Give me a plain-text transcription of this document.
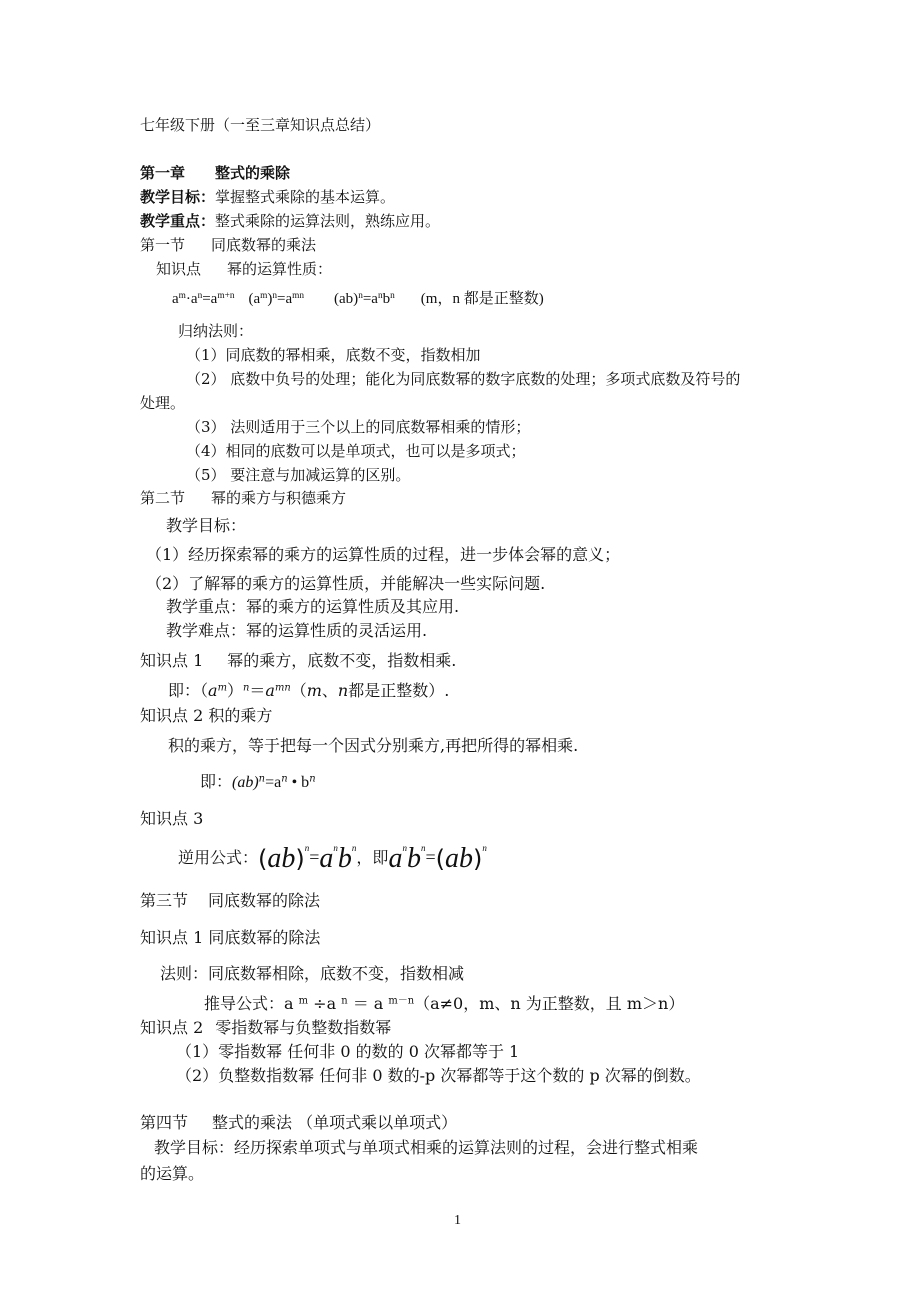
七年级下册（一至三章知识点总结）
第一章 整式的乘除
教学目标：掌握整式乘除的基本运算。
教学重点：整式乘除的运算法则，熟练应用。
第一节 同底数幂的乘法
知识点 幂的运算性质：
$a^m\cdot a^n=a^{m+n}$ $(a^m)^n=a^{mn}$ $(ab)^n=a^nb^n$ (m，n 都是正整数)
归纳法则：
（1）同底数的幂相乘，底数不变，指数相加
（2） 底数中负号的处理；能化为同底数幂的数字底数的处理；多项式底数及符号的
处理。
（3） 法则适用于三个以上的同底数幂相乘的情形；
（4）相同的底数可以是单项式，也可以是多项式；
（5） 要注意与加减运算的区别。
第二节 幂的乘方与积德乘方
教学目标：
（1）经历探索幂的乘方的运算性质的过程，进一步体会幂的意义；
（2）了解幂的乘方的运算性质，并能解决一些实际问题.
教学重点：幂的乘方的运算性质及其应用.
教学难点：幂的运算性质的灵活运用.
知识点 1 幂的乘方，底数不变，指数相乘.
即：$(a^m)^n=a^{mn}(m$、n都是正整数）.
知识点 2 积的乘方
积的乘方，等于把每一个因式分别乘方,再把所得的幂相乘.
即：$(ab)^n=a^n$ • $b^n$
知识点 3
逆用公式：$(ab)^n=a^nb^n$，即$a^nb^n=(ab)^n$
第三节 同底数幂的除法
知识点 1 同底数幂的除法
法则：同底数幂相除，底数不变，指数相减
推导公式：a $^m$ ÷a $^n$ ＝ a $^{m-n}$（a≠0，m、n 为正整数，且 m＞n）
知识点 2 零指数幂与负整数指数幂
（1）零指数幂 任何非 0 的数的 0 次幂都等于 1
（2）负整数指数幂 任何非 0 数的-p 次幂都等于这个数的 p 次幂的倒数。
第四节 整式的乘法 （单项式乘以单项式）
教学目标：经历探索单项式与单项式相乘的运算法则的过程，会进行整式相乘
的运算。
1
